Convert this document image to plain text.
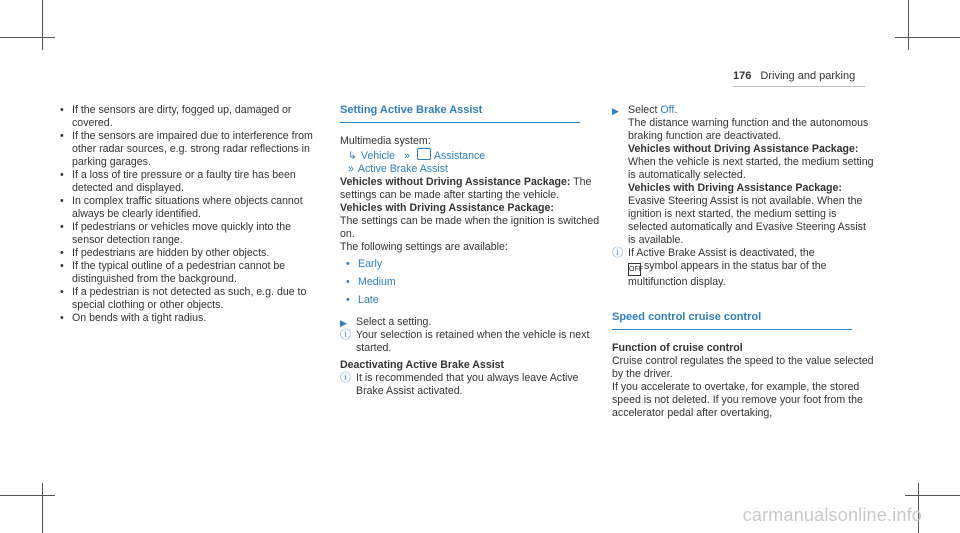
176 Driving and parking
• If the sensors are dirty, fogged up, damaged or covered.
• If the sensors are impaired due to interference from other radar sources, e.g. strong radar reflections in parking garages.
• If a loss of tire pressure or a faulty tire has been detected and displayed.
• In complex traffic situations where objects cannot always be clearly identified.
• If pedestrians or vehicles move quickly into the sensor detection range.
• If pedestrians are hidden by other objects.
• If the typical outline of a pedestrian cannot be distinguished from the background.
• If a pedestrian is not detected as such, e.g. due to special clothing or other objects.
• On bends with a tight radius.
Setting Active Brake Assist
Multimedia system:
↳ Vehicle » Assistance
» Active Brake Assist
Vehicles without Driving Assistance Package: The settings can be made after starting the vehicle.
Vehicles with Driving Assistance Package:
The settings can be made when the ignition is switched on.
The following settings are available:
• Early
• Medium
• Late
▶ Select a setting.
ⓘ Your selection is retained when the vehicle is next started.
Deactivating Active Brake Assist
ⓘ It is recommended that you always leave Active Brake Assist activated.
▶ Select Off.
The distance warning function and the autonomous braking function are deactivated.
Vehicles without Driving Assistance Package: When the vehicle is next started, the medium setting is automatically selected.
Vehicles with Driving Assistance Package: Evasive Steering Assist is not available. When the ignition is next started, the medium setting is selected automatically and Evasive Steering Assist is available.
ⓘ If Active Brake Assist is deactivated, the
OFFsymbol appears in the status bar of the multifunction display.
Speed control cruise control
Function of cruise control
Cruise control regulates the speed to the value selected by the driver.
If you accelerate to overtake, for example, the stored speed is not deleted. If you remove your foot from the accelerator pedal after overtaking,
carmanualsonline.info
